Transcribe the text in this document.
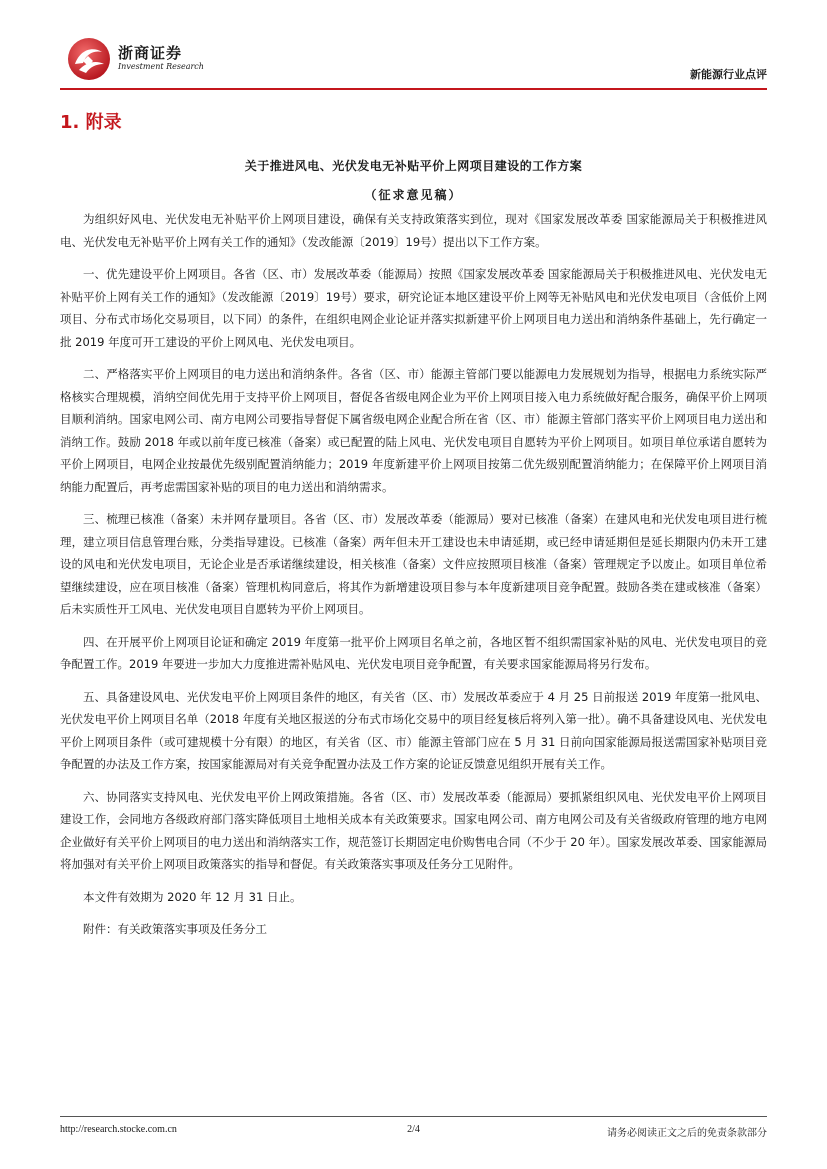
浙商证券
Investment Research
新能源行业点评
1. 附录
关于推进风电、光伏发电无补贴平价上网项目建设的工作方案
（征求意见稿）

为组织好风电、光伏发电无补贴平价上网项目建设，确保有关支持政策落实到位，现对《国家发展改革委 国家能源局关于积极推进风电、光伏发电无补贴平价上网有关工作的通知》（发改能源〔2019〕19号）提出以下工作方案。

一、优先建设平价上网项目。各省（区、市）发展改革委（能源局）按照《国家发展改革委 国家能源局关于积极推进风电、光伏发电无补贴平价上网有关工作的通知》（发改能源〔2019〕19号）要求，研究论证本地区建设平价上网等无补贴风电和光伏发电项目（含低价上网项目、分布式市场化交易项目，以下同）的条件，在组织电网企业论证并落实拟新建平价上网项目电力送出和消纳条件基础上，先行确定一批 2019 年度可开工建设的平价上网风电、光伏发电项目。

二、严格落实平价上网项目的电力送出和消纳条件。各省（区、市）能源主管部门要以能源电力发展规划为指导，根据电力系统实际严格核实合理规模，消纳空间优先用于支持平价上网项目，督促各省级电网企业为平价上网项目接入电力系统做好配合服务，确保平价上网项目顺利消纳。国家电网公司、南方电网公司要指导督促下属省级电网企业配合所在省（区、市）能源主管部门落实平价上网项目电力送出和消纳工作。鼓励 2018 年或以前年度已核准（备案）或已配置的陆上风电、光伏发电项目自愿转为平价上网项目。如项目单位承诺自愿转为平价上网项目，电网企业按最优先级别配置消纳能力；2019 年度新建平价上网项目按第二优先级别配置消纳能力；在保障平价上网项目消纳能力配置后，再考虑需国家补贴的项目的电力送出和消纳需求。

三、梳理已核准（备案）未并网存量项目。各省（区、市）发展改革委（能源局）要对已核准（备案）在建风电和光伏发电项目进行梳理，建立项目信息管理台账，分类指导建设。已核准（备案）两年但未开工建设也未申请延期，或已经申请延期但是延长期限内仍未开工建设的风电和光伏发电项目，无论企业是否承诺继续建设，相关核准（备案）文件应按照项目核准（备案）管理规定予以废止。如项目单位希望继续建设，应在项目核准（备案）管理机构同意后，将其作为新增建设项目参与本年度新建项目竞争配置。鼓励各类在建或核准（备案）后未实质性开工风电、光伏发电项目自愿转为平价上网项目。

四、在开展平价上网项目论证和确定 2019 年度第一批平价上网项目名单之前，各地区暂不组织需国家补贴的风电、光伏发电项目的竞争配置工作。2019 年要进一步加大力度推进需补贴风电、光伏发电项目竞争配置，有关要求国家能源局将另行发布。

五、具备建设风电、光伏发电平价上网项目条件的地区，有关省（区、市）发展改革委应于 4 月 25 日前报送 2019 年度第一批风电、光伏发电平价上网项目名单（2018 年度有关地区报送的分布式市场化交易中的项目经复核后将列入第一批）。确不具备建设风电、光伏发电平价上网项目条件（或可建规模十分有限）的地区，有关省（区、市）能源主管部门应在 5 月 31 日前向国家能源局报送需国家补贴项目竞争配置的办法及工作方案，按国家能源局对有关竞争配置办法及工作方案的论证反馈意见组织开展有关工作。

六、协同落实支持风电、光伏发电平价上网政策措施。各省（区、市）发展改革委（能源局）要抓紧组织风电、光伏发电平价上网项目建设工作，会同地方各级政府部门落实降低项目土地相关成本有关政策要求。国家电网公司、南方电网公司及有关省级政府管理的地方电网企业做好有关平价上网项目的电力送出和消纳落实工作，规范签订长期固定电价购售电合同（不少于 20 年）。国家发展改革委、国家能源局将加强对有关平价上网项目政策落实的指导和督促。有关政策落实事项及任务分工见附件。

本文件有效期为 2020 年 12 月 31 日止。

附件：有关政策落实事项及任务分工

http://research.stocke.com.cn	2/4	请务必阅读正文之后的免责条款部分
